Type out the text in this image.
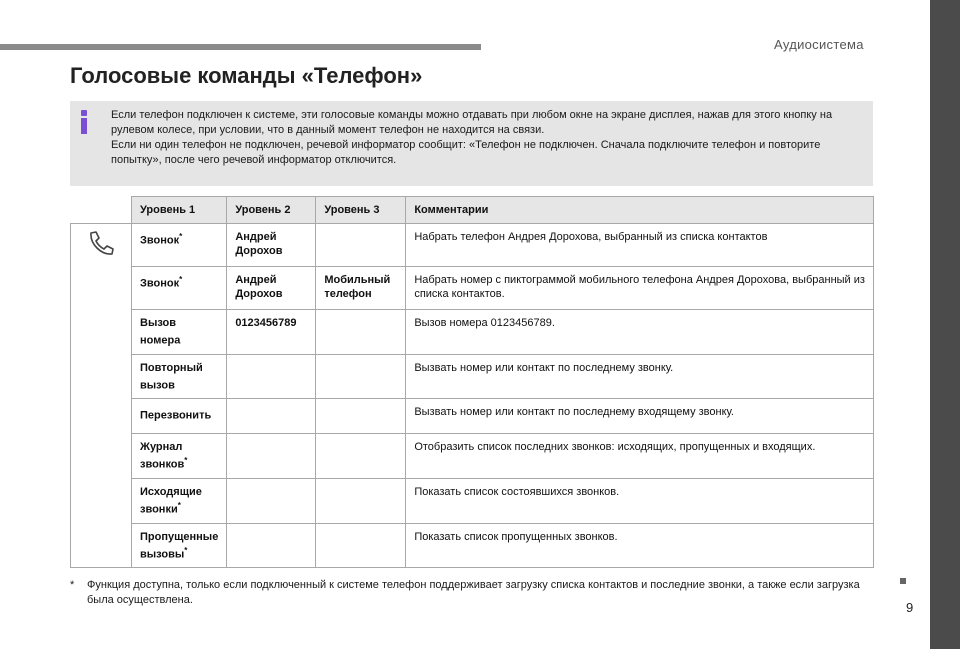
Аудиосистема
9
Голосовые команды «Телефон»

Если телефон подключен к системе, эти голосовые команды можно отдавать при любом окне на экране дисплея, нажав для этого кнопку на рулевом колесе, при условии, что в данный момент телефон не находится на связи.

Если ни один телефон не подключен, речевой информатор сообщит: «Телефон не подключен. Сначала подключите телефон и повторите попытку», после чего речевой информатор отключится.

	Уровень 1	Уровень 2	Уровень 3	Комментарии

	Звонок*	Андрей Дорохов		Набрать телефон Андрея Дорохова, выбранный из списка контактов
	Звонок*	Андрей Дорохов	Мобильный телефон	Набрать номер с пиктограммой мобильного телефона Андрея Дорохова, выбранный из списка контактов.
	Вызов номера	0123456789		Вызов номера 0123456789.
	Повторный вызов			Вызвать номер или контакт по последнему звонку.
	Перезвонить			Вызвать номер или контакт по последнему входящему звонку.
	Журнал звонков*			Отобразить список последних звонков: исходящих, пропущенных и входящих.
	Исходящие звонки*			Показать список состоявшихся звонков.
	Пропущенные вызовы*			Показать список пропущенных звонков.
* Функция доступна, только если подключенный к системе телефон поддерживает загрузку списка контактов и последние звонки, а также если загрузка была осуществлена.
